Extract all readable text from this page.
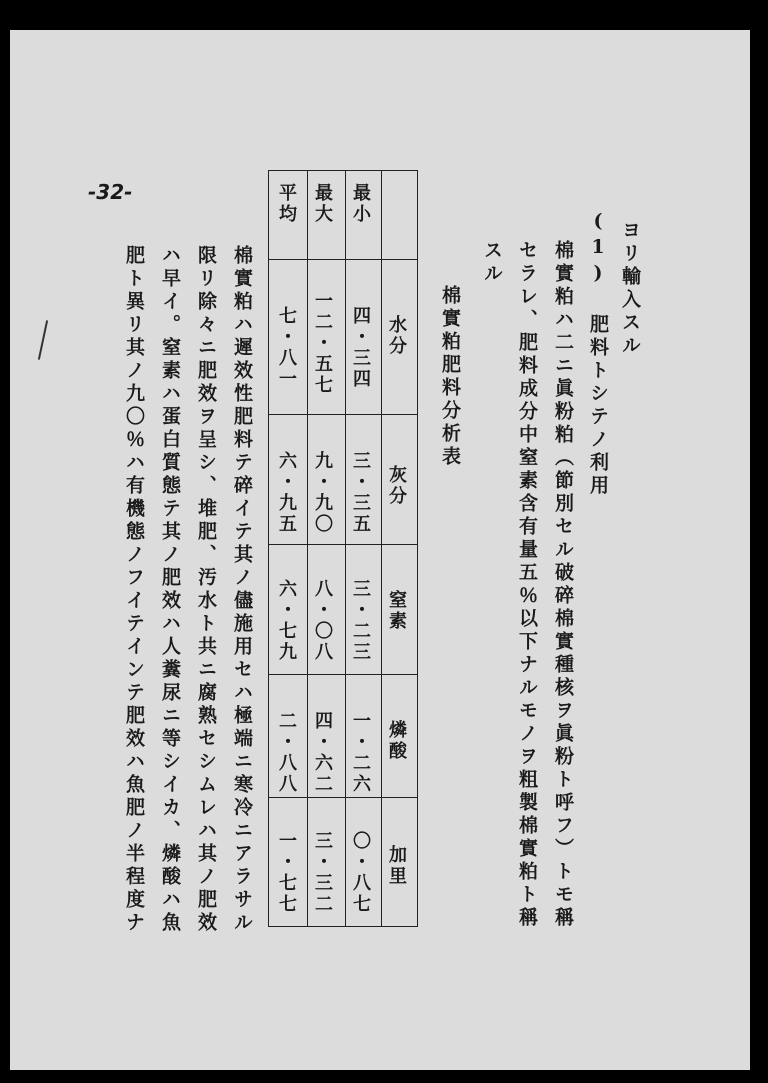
-32-
ヨリ輸入スル
(1) 肥料トシテノ利用
棉實粕ハ二ニ眞粉粕（節別セル破碎棉實種核ヲ眞粉ト呼フ）トモ稱
セラレ、肥料成分中窒素含有量五％以下ナルモノヲ粗製棉實粕ト稱
スル
棉實粕肥料分析表
水分
灰分
窒素
燐酸
加里
最小
四・三四
三・三五
三・二三
一・二六
〇・八七
最大
一二・五七
九・九〇
八・〇八
四・六二
三・三二
平均
七・八一
六・九五
六・七九
二・八八
一・七七
棉實粕ハ遲效性肥料テ碎イテ其ノ儘施用セハ極端ニ寒冷ニアラサル
限リ除々ニ肥效ヲ呈シ、堆肥、汚水ト共ニ腐熟セシムレハ其ノ肥效
ハ早イ。窒素ハ蛋白質態テ其ノ肥效ハ人糞尿ニ等シイカ、燐酸ハ魚
肥ト異リ其ノ九〇％ハ有機態ノフイテインテ肥效ハ魚肥ノ半程度ナ
